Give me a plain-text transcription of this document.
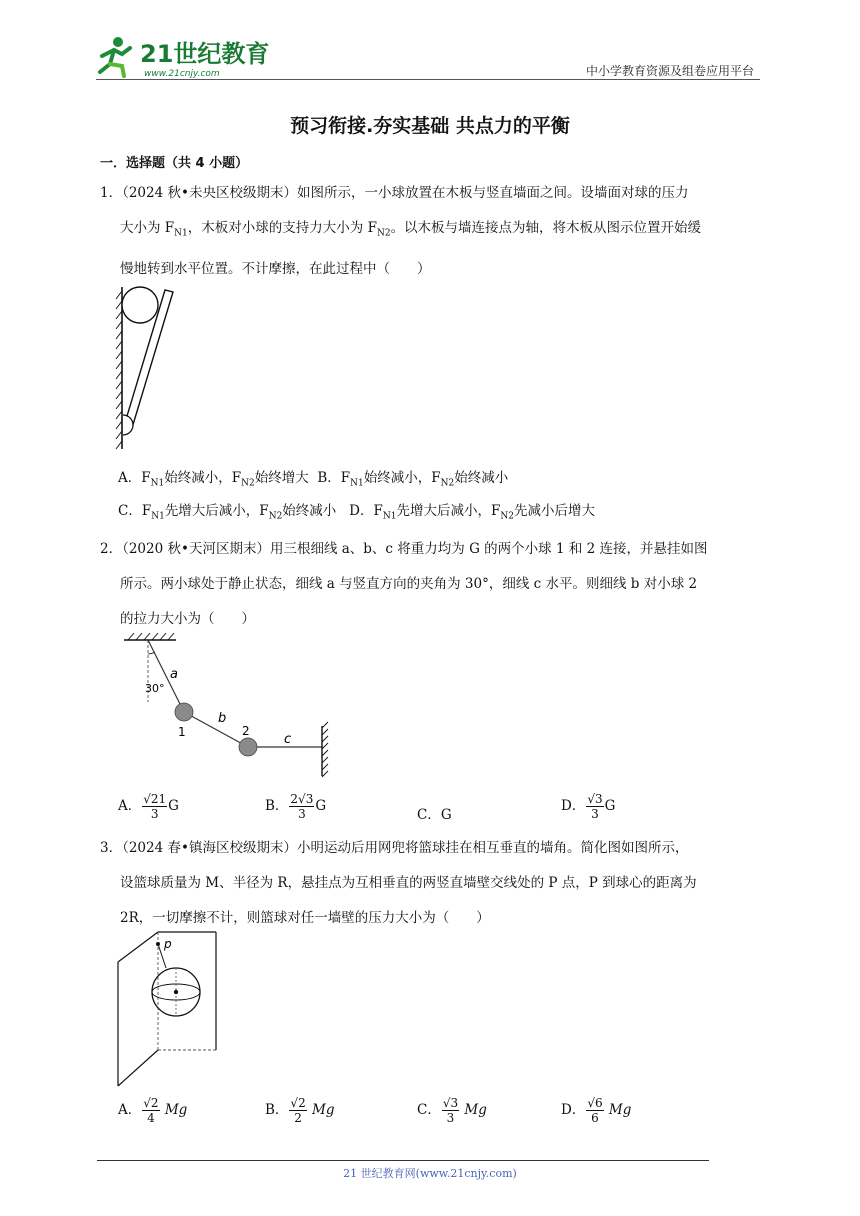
21世纪教育
www.21cnjy.com	中小学教育资源及组卷应用平台
预习衔接.夯实基础 共点力的平衡
一．选择题（共 4 小题）
1．（2024 秋•未央区校级期末）如图所示，一小球放置在木板与竖直墙面之间。设墙面对球的压力
大小为 $F_{N1}$，木板对小球的支持力大小为 $F_{N2}$。以木板与墙连接点为轴，将木板从图示位置开始缓
慢地转到水平位置。不计摩擦，在此过程中（　　）
A．$F_{N1}$始终减小，$F_{N2}$始终增大 B．$F_{N1}$始终减小，$F_{N2}$始终减小
C．$F_{N1}$先增大后减小，$F_{N2}$始终减小 D．$F_{N1}$先增大后减小，$F_{N2}$先减小后增大
2．（2020 秋•天河区期末）用三根细线 a、b、c 将重力均为 G 的两个小球 1 和 2 连接，并悬挂如图
所示。两小球处于静止状态，细线 a 与竖直方向的夹角为 30°，细线 c 水平。则细线 b 对小球 2
的拉力大小为（　　）
30°
a
b
c
1	2
A． $\frac{√21}{3}$ G	B． $\frac{2√3}{3}$ G
C．G
D． $\frac{√3}{3}$ G
3．（2024 春•镇海区校级期末）小明运动后用网兜将篮球挂在相互垂直的墙角。简化图如图所示，
设篮球质量为 M、半径为 R，悬挂点为互相垂直的两竖直墙壁交线处的 P 点，P 到球心的距离为
2R，一切摩擦不计，则篮球对任一墙壁的压力大小为（　　）
p
A． $\frac{√2}{4}$ Mg	B． $\frac{√2}{2}$ Mg	C． $\frac{√3}{3}$ Mg	D． $\frac{√6}{6}$ Mg
21 世纪教育网(www.21cnjy.com)
